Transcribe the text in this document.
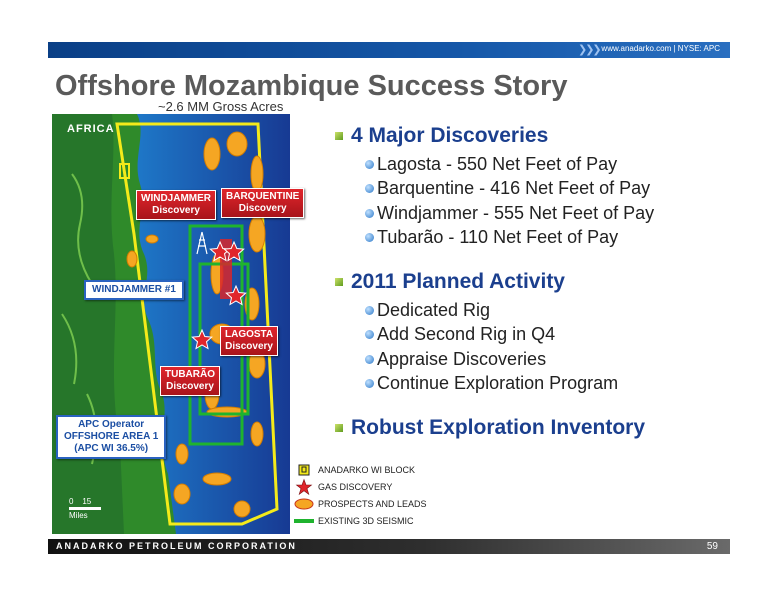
❯❯❯ www.anadarko.com | NYSE: APC
Offshore Mozambique Success Story
~2.6 MM Gross Acres
AFRICA
WINDJAMMER
Discovery
BARQUENTINE
Discovery
WINDJAMMER #1
LAGOSTA
Discovery
TUBARÃO
Discovery
APC Operator
OFFSHORE AREA 1
(APC WI 36.5%)
0 15
Miles
4 Major Discoveries
Lagosta - 550 Net Feet of Pay
Barquentine - 416 Net Feet of Pay
Windjammer - 555 Net Feet of Pay
Tubarão - 110 Net Feet of Pay
2011 Planned Activity
Dedicated Rig
Add Second Rig in Q4
Appraise Discoveries
Continue Exploration Program
Robust Exploration Inventory
ANADARKO WI BLOCK
GAS DISCOVERY
PROSPECTS AND LEADS
EXISTING 3D SEISMIC
ANADARKO PETROLEUM CORPORATION	59
